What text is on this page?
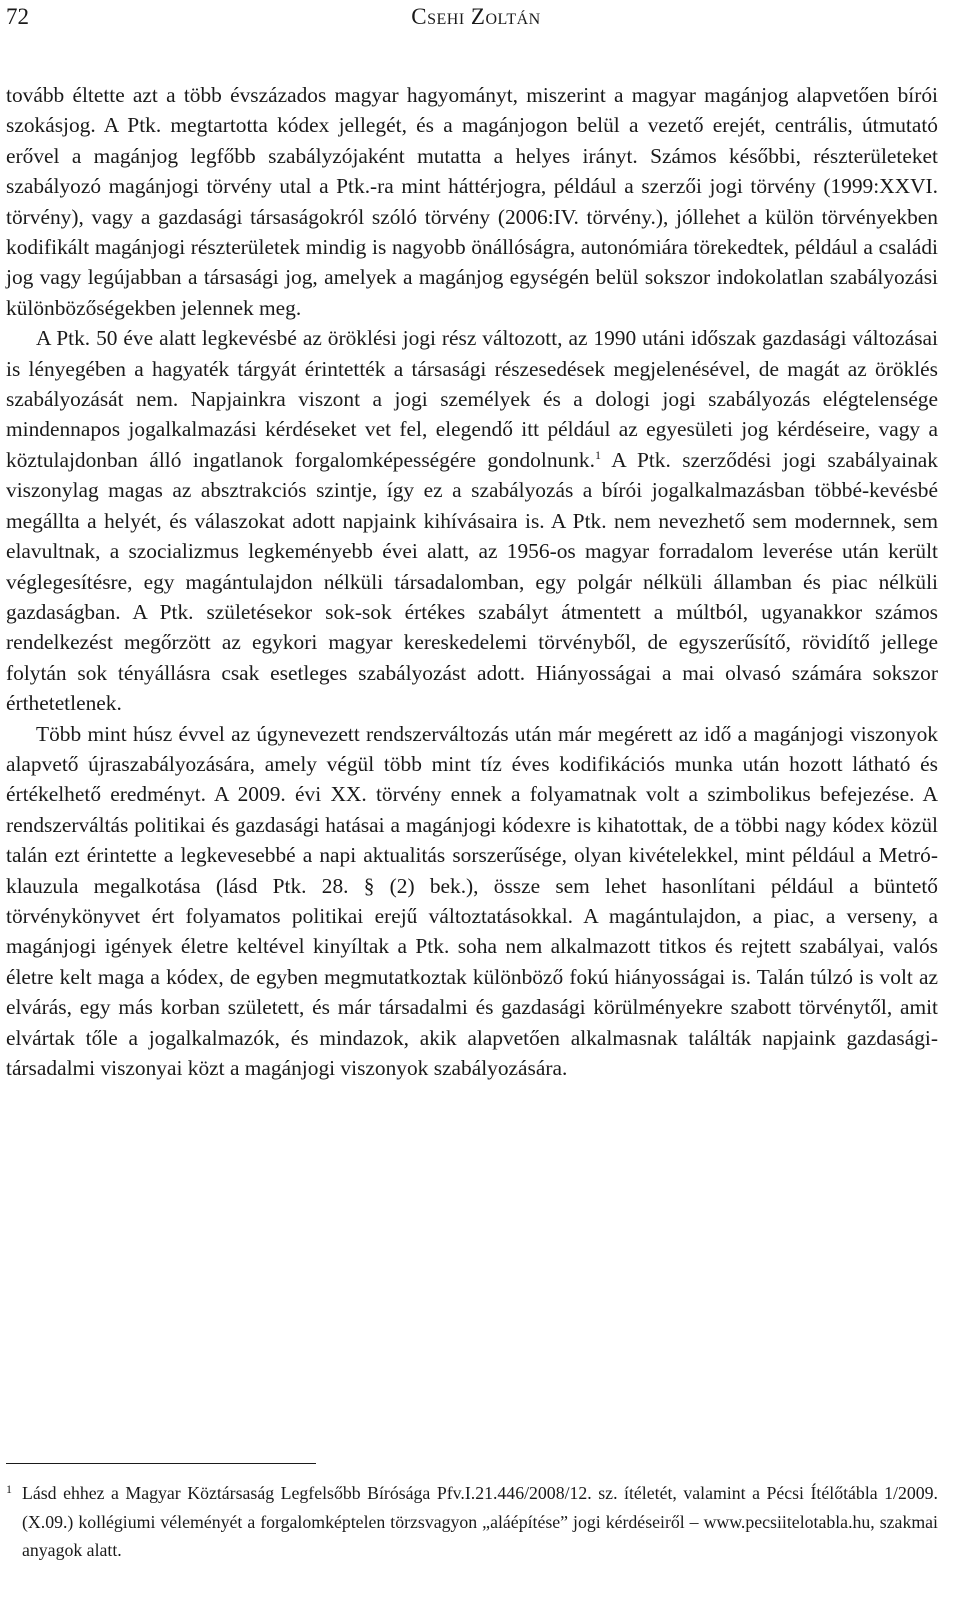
72	Csehi Zoltán

tovább éltette azt a több évszázados magyar hagyományt, miszerint a magyar magánjog alapvetően bírói szokásjog. A Ptk. megtartotta kódex jellegét, és a magánjogon belül a vezető erejét, centrális, útmutató erővel a magánjog legfőbb szabályzójaként mutatta a helyes irányt. Számos későbbi, részterületeket szabályozó magánjogi törvény utal a Ptk.-ra mint háttérjogra, például a szerzői jogi törvény (1999:XXVI. törvény), vagy a gazdasági társaságokról szóló törvény (2006:IV. törvény.), jóllehet a külön törvényekben kodifikált magánjogi részterületek mindig is nagyobb önállóságra, autonómiára törekedtek, például a családi jog vagy legújabban a társasági jog, amelyek a magánjog egységén belül sokszor indokolatlan szabályozási különbözőségekben jelennek meg.

A Ptk. 50 éve alatt legkevésbé az öröklési jogi rész változott, az 1990 utáni időszak gazdasági változásai is lényegében a hagyaték tárgyát érintették a társasági részesedések megjelenésével, de magát az öröklés szabályozását nem. Napjainkra viszont a jogi személyek és a dologi jogi szabályozás elégtelensége mindennapos jogalkalmazási kérdéseket vet fel, elegendő itt például az egyesületi jog kérdéseire, vagy a köztulajdonban álló ingatlanok forgalomképességére gondolnunk.$^1$ A Ptk. szerződési jogi szabályainak viszonylag magas az absztrakciós szintje, így ez a szabályozás a bírói jogalkalmazásban többé-kevésbé megállta a helyét, és válaszokat adott napjaink kihívásaira is. A Ptk. nem nevezhető sem modernnek, sem elavultnak, a szocializmus legkeményebb évei alatt, az 1956-os magyar forradalom leverése után került véglegesítésre, egy magántulajdon nélküli társadalomban, egy polgár nélküli államban és piac nélküli gazdaságban. A Ptk. születésekor sok-sok értékes szabályt átmentett a múltból, ugyanakkor számos rendelkezést megőrzött az egykori magyar kereskedelemi törvényből, de egyszerűsítő, rövidítő jellege folytán sok tényállásra csak esetleges szabályozást adott. Hiányosságai a mai olvasó számára sokszor érthetetlenek.

Több mint húsz évvel az úgynevezett rendszerváltozás után már megérett az idő a magánjogi viszonyok alapvető újraszabályozására, amely végül több mint tíz éves kodifikációs munka után hozott látható és értékelhető eredményt. A 2009. évi XX. törvény ennek a folyamatnak volt a szimbolikus befejezése. A rendszerváltás politikai és gazdasági hatásai a magánjogi kódexre is kihatottak, de a többi nagy kódex közül talán ezt érintette a legkevesebbé a napi aktualitás sorszerűsége, olyan kivételekkel, mint például a Metró-klauzula megalkotása (lásd Ptk. 28. § (2) bek.), össze sem lehet hasonlítani például a büntető törvénykönyvet ért folyamatos politikai erejű változtatásokkal. A magántulajdon, a piac, a verseny, a magánjogi igények életre keltével kinyíltak a Ptk. soha nem alkalmazott titkos és rejtett szabályai, valós életre kelt maga a kódex, de egyben megmutatkoztak különböző fokú hiányosságai is. Talán túlzó is volt az elvárás, egy más korban született, és már társadalmi és gazdasági körülményekre szabott törvénytől, amit elvártak tőle a jogalkalmazók, és mindazok, akik alapvetően alkalmasnak találták napjaink gazdasági-társadalmi viszonyai közt a magánjogi viszonyok szabályozására.

1 Lásd ehhez a Magyar Köztársaság Legfelsőbb Bírósága Pfv.I.21.446/2008/12. sz. ítéletét, valamint a Pécsi Ítélőtábla 1/2009. (X.09.) kollégiumi véleményét a forgalomképtelen törzsvagyon „aláépítése” jogi kérdéseiről – www.pecsiitelotabla.hu, szakmai anyagok alatt.
